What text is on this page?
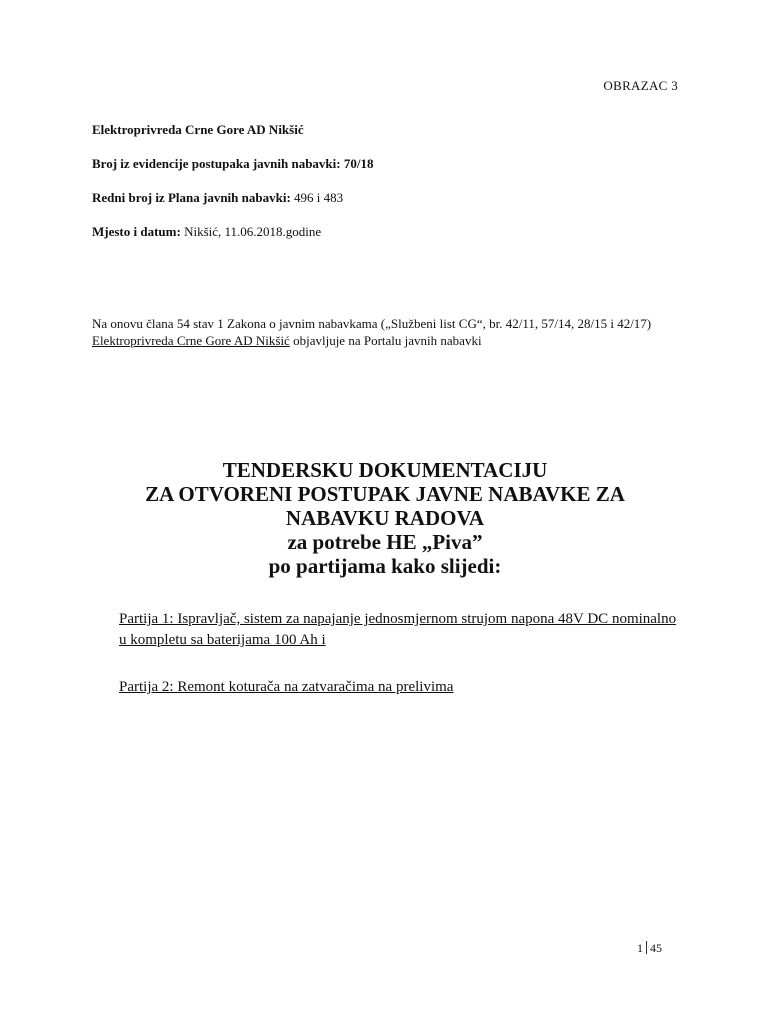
OBRAZAC 3
Elektroprivreda Crne Gore AD Nikšić
Broj iz evidencije postupaka javnih nabavki: 70/18
Redni broj iz Plana javnih nabavki: 496 i 483
Mjesto i datum: Nikšić, 11.06.2018.godine
Na onovu člana 54 stav 1 Zakona o javnim nabavkama („Službeni list CG“, br. 42/11, 57/14, 28/15 i 42/17) Elektroprivreda Crne Gore AD Nikšić objavljuje na Portalu javnih nabavki
TENDERSKU DOKUMENTACIJU
ZA OTVORENI POSTUPAK JAVNE NABAVKE ZA
NABAVKU RADOVA
za potrebe HE „Piva”
po partijama kako slijedi:

Partija 1: Ispravljač, sistem za napajanje jednosmjernom strujom napona 48V DC nominalno u kompletu sa baterijama 100 Ah i

Partija 2: Remont koturača na zatvaračima na prelivima

1 45
